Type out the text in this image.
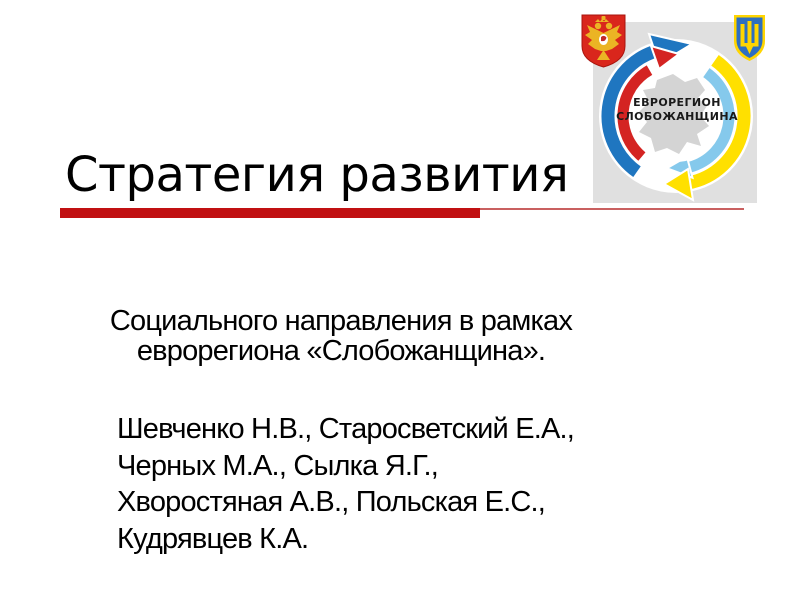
Стратегия развития
ЕВРОРЕГИОН
СЛОБОЖАНЩИНА
Социального направления в рамках
еврорегиона «Слобожанщина».
Шевченко Н.В., Старосветский Е.А.,
Черных М.А., Сылка Я.Г.,
Хворостяная А.В., Польская Е.С.,
Кудрявцев К.А.
